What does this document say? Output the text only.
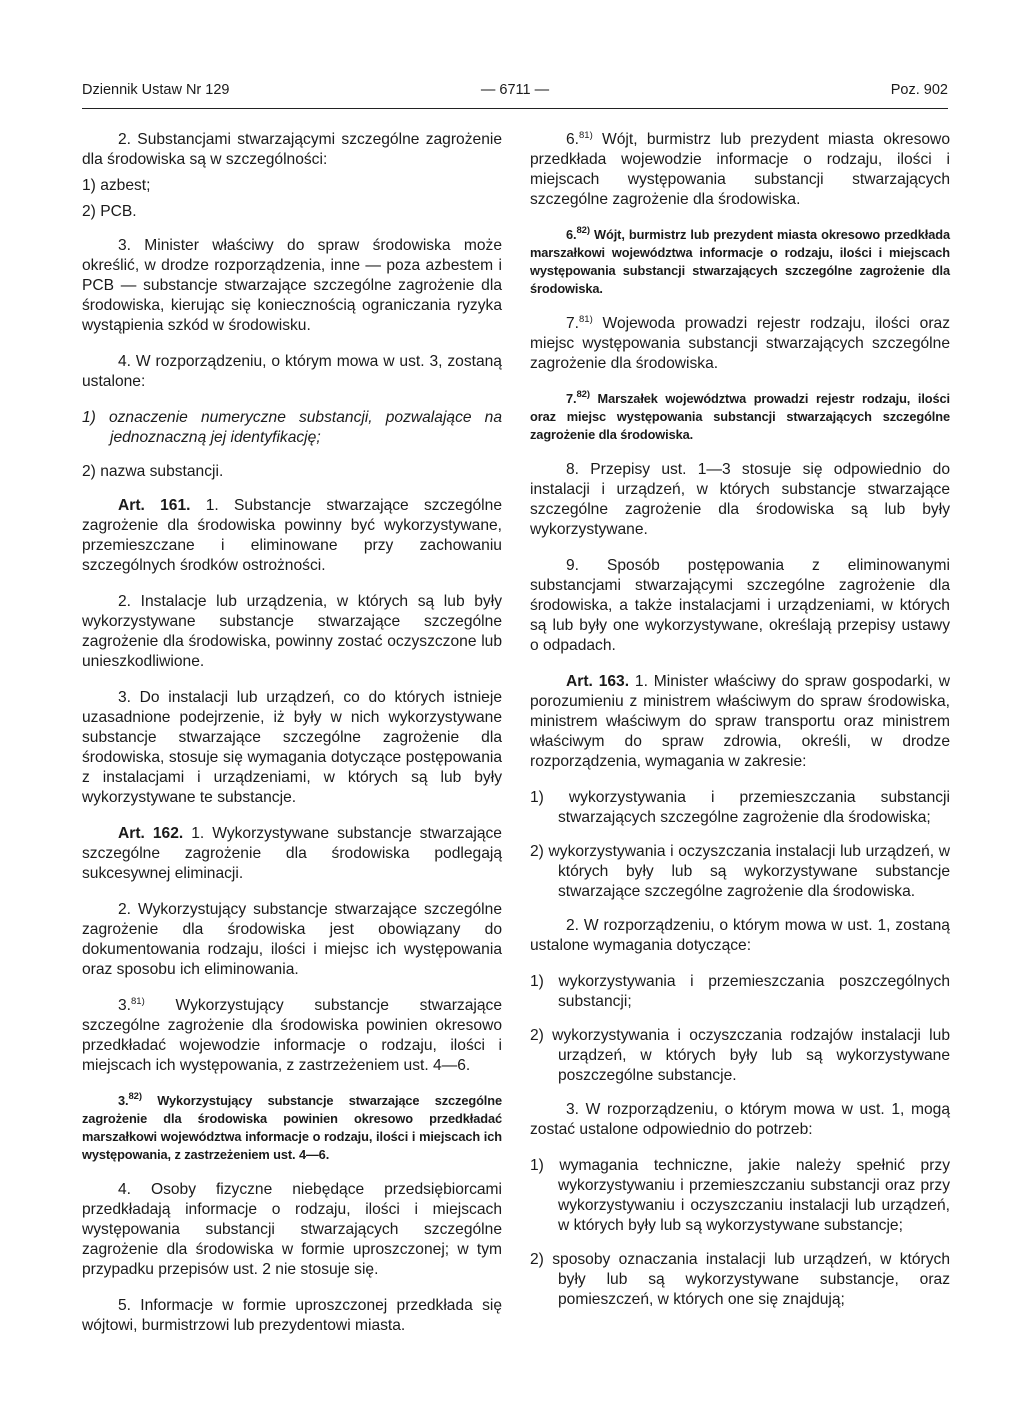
Dziennik Ustaw Nr 129	— 6711 —	Poz. 902

2. Substancjami stwarzającymi szczególne zagrożenie dla środowiska są w szczególności:

1) azbest;

2) PCB.

3. Minister właściwy do spraw środowiska może określić, w drodze rozporządzenia, inne — poza azbestem i PCB — substancje stwarzające szczególne zagrożenie dla środowiska, kierując się koniecznością ograniczania ryzyka wystąpienia szkód w środowisku.

4. W rozporządzeniu, o którym mowa w ust. 3, zostaną ustalone:

1) oznaczenie numeryczne substancji, pozwalające na jednoznaczną jej identyfikację;

2) nazwa substancji.

Art. 161. 1. Substancje stwarzające szczególne zagrożenie dla środowiska powinny być wykorzystywane, przemieszczane i eliminowane przy zachowaniu szczególnych środków ostrożności.

2. Instalacje lub urządzenia, w których są lub były wykorzystywane substancje stwarzające szczególne zagrożenie dla środowiska, powinny zostać oczyszczone lub unieszkodliwione.

3. Do instalacji lub urządzeń, co do których istnieje uzasadnione podejrzenie, iż były w nich wykorzystywane substancje stwarzające szczególne zagrożenie dla środowiska, stosuje się wymagania dotyczące postępowania z instalacjami i urządzeniami, w których są lub były wykorzystywane te substancje.

Art. 162. 1. Wykorzystywane substancje stwarzające szczególne zagrożenie dla środowiska podlegają sukcesywnej eliminacji.

2. Wykorzystujący substancje stwarzające szczególne zagrożenie dla środowiska jest obowiązany do dokumentowania rodzaju, ilości i miejsc ich występowania oraz sposobu ich eliminowania.

3.$^{81)}$ Wykorzystujący substancje stwarzające szczególne zagrożenie dla środowiska powinien okresowo przedkładać wojewodzie informacje o rodzaju, ilości i miejscach ich występowania, z zastrzeżeniem ust. 4—6.

3.$^{82)}$ Wykorzystujący substancje stwarzające szczególne zagrożenie dla środowiska powinien okresowo przedkładać marszałkowi województwa informacje o rodzaju, ilości i miejscach ich występowania, z zastrzeżeniem ust. 4—6.

4. Osoby fizyczne niebędące przedsiębiorcami przedkładają informacje o rodzaju, ilości i miejscach występowania substancji stwarzających szczególne zagrożenie dla środowiska w formie uproszczonej; w tym przypadku przepisów ust. 2 nie stosuje się.

5. Informacje w formie uproszczonej przedkłada się wójtowi, burmistrzowi lub prezydentowi miasta.

6.$^{81)}$ Wójt, burmistrz lub prezydent miasta okresowo przedkłada wojewodzie informacje o rodzaju, ilości i miejscach występowania substancji stwarzających szczególne zagrożenie dla środowiska.

6.$^{82)}$ Wójt, burmistrz lub prezydent miasta okresowo przedkłada marszałkowi województwa informacje o rodzaju, ilości i miejscach występowania substancji stwarzających szczególne zagrożenie dla środowiska.

7.$^{81)}$ Wojewoda prowadzi rejestr rodzaju, ilości oraz miejsc występowania substancji stwarzających szczególne zagrożenie dla środowiska.

7.$^{82)}$ Marszałek województwa prowadzi rejestr rodzaju, ilości oraz miejsc występowania substancji stwarzających szczególne zagrożenie dla środowiska.

8. Przepisy ust. 1—3 stosuje się odpowiednio do instalacji i urządzeń, w których substancje stwarzające szczególne zagrożenie dla środowiska są lub były wykorzystywane.

9. Sposób postępowania z eliminowanymi substancjami stwarzającymi szczególne zagrożenie dla środowiska, a także instalacjami i urządzeniami, w których są lub były one wykorzystywane, określają przepisy ustawy o odpadach.

Art. 163. 1. Minister właściwy do spraw gospodarki, w porozumieniu z ministrem właściwym do spraw środowiska, ministrem właściwym do spraw transportu oraz ministrem właściwym do spraw zdrowia, określi, w drodze rozporządzenia, wymagania w zakresie:

1) wykorzystywania i przemieszczania substancji stwarzających szczególne zagrożenie dla środowiska;

2) wykorzystywania i oczyszczania instalacji lub urządzeń, w których były lub są wykorzystywane substancje stwarzające szczególne zagrożenie dla środowiska.

2. W rozporządzeniu, o którym mowa w ust. 1, zostaną ustalone wymagania dotyczące:

1) wykorzystywania i przemieszczania poszczególnych substancji;

2) wykorzystywania i oczyszczania rodzajów instalacji lub urządzeń, w których były lub są wykorzystywane poszczególne substancje.

3. W rozporządzeniu, o którym mowa w ust. 1, mogą zostać ustalone odpowiednio do potrzeb:

1) wymagania techniczne, jakie należy spełnić przy wykorzystywaniu i przemieszczaniu substancji oraz przy wykorzystywaniu i oczyszczaniu instalacji lub urządzeń, w których były lub są wykorzystywane substancje;

2) sposoby oznaczania instalacji lub urządzeń, w których były lub są wykorzystywane substancje, oraz pomieszczeń, w których one się znajdują;
